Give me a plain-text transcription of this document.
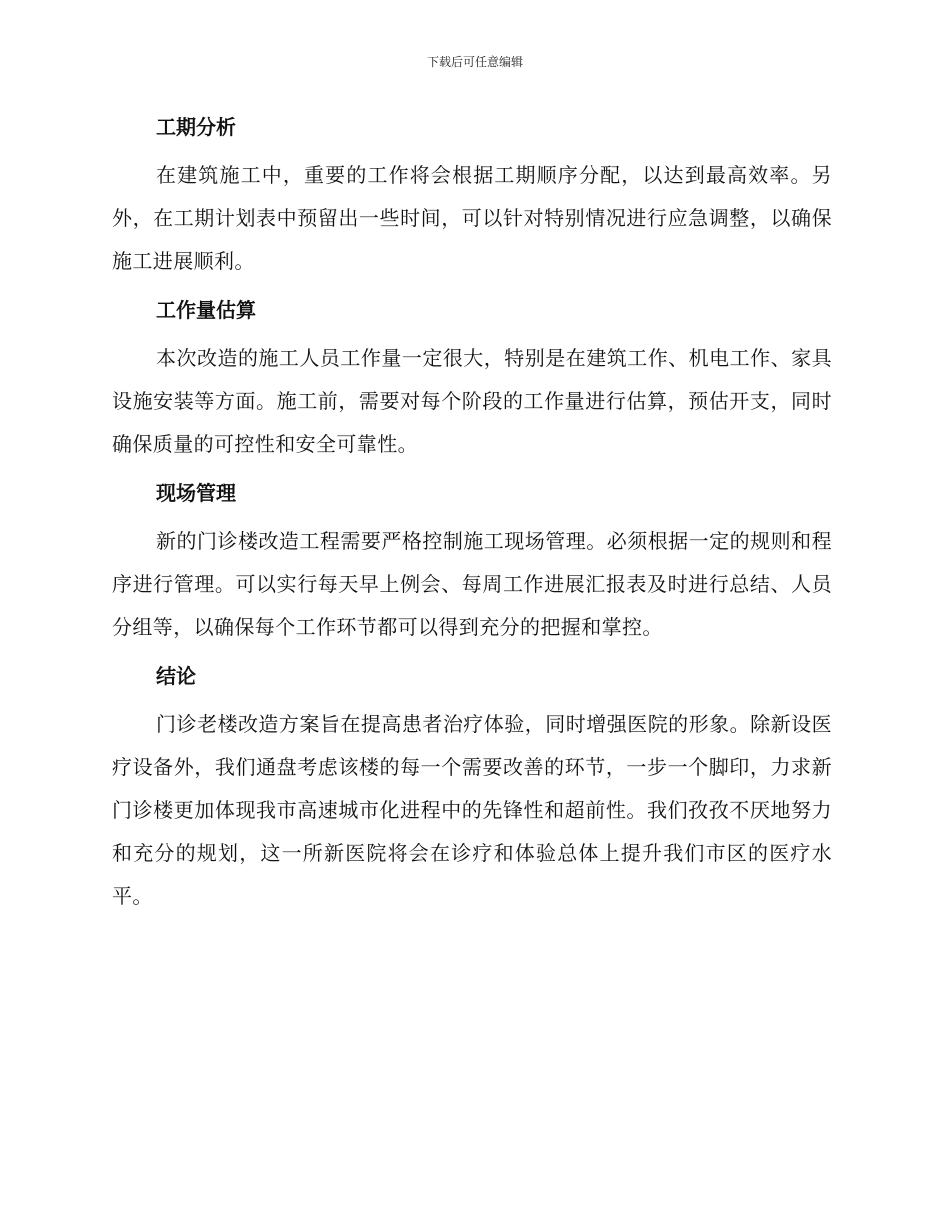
下载后可任意编辑
工期分析

在建筑施工中，重要的工作将会根据工期顺序分配，以达到最高效率。另外，在工期计划表中预留出一些时间，可以针对特别情况进行应急调整，以确保施工进展顺利。

工作量估算

本次改造的施工人员工作量一定很大，特别是在建筑工作、机电工作、家具设施安装等方面。施工前，需要对每个阶段的工作量进行估算，预估开支，同时确保质量的可控性和安全可靠性。

现场管理

新的门诊楼改造工程需要严格控制施工现场管理。必须根据一定的规则和程序进行管理。可以实行每天早上例会、每周工作进展汇报表及时进行总结、人员分组等，以确保每个工作环节都可以得到充分的把握和掌控。

结论

门诊老楼改造方案旨在提高患者治疗体验，同时增强医院的形象。除新设医疗设备外，我们通盘考虑该楼的每一个需要改善的环节，一步一个脚印，力求新门诊楼更加体现我市高速城市化进程中的先锋性和超前性。我们孜孜不厌地努力和充分的规划，这一所新医院将会在诊疗和体验总体上提升我们市区的医疗水平。
